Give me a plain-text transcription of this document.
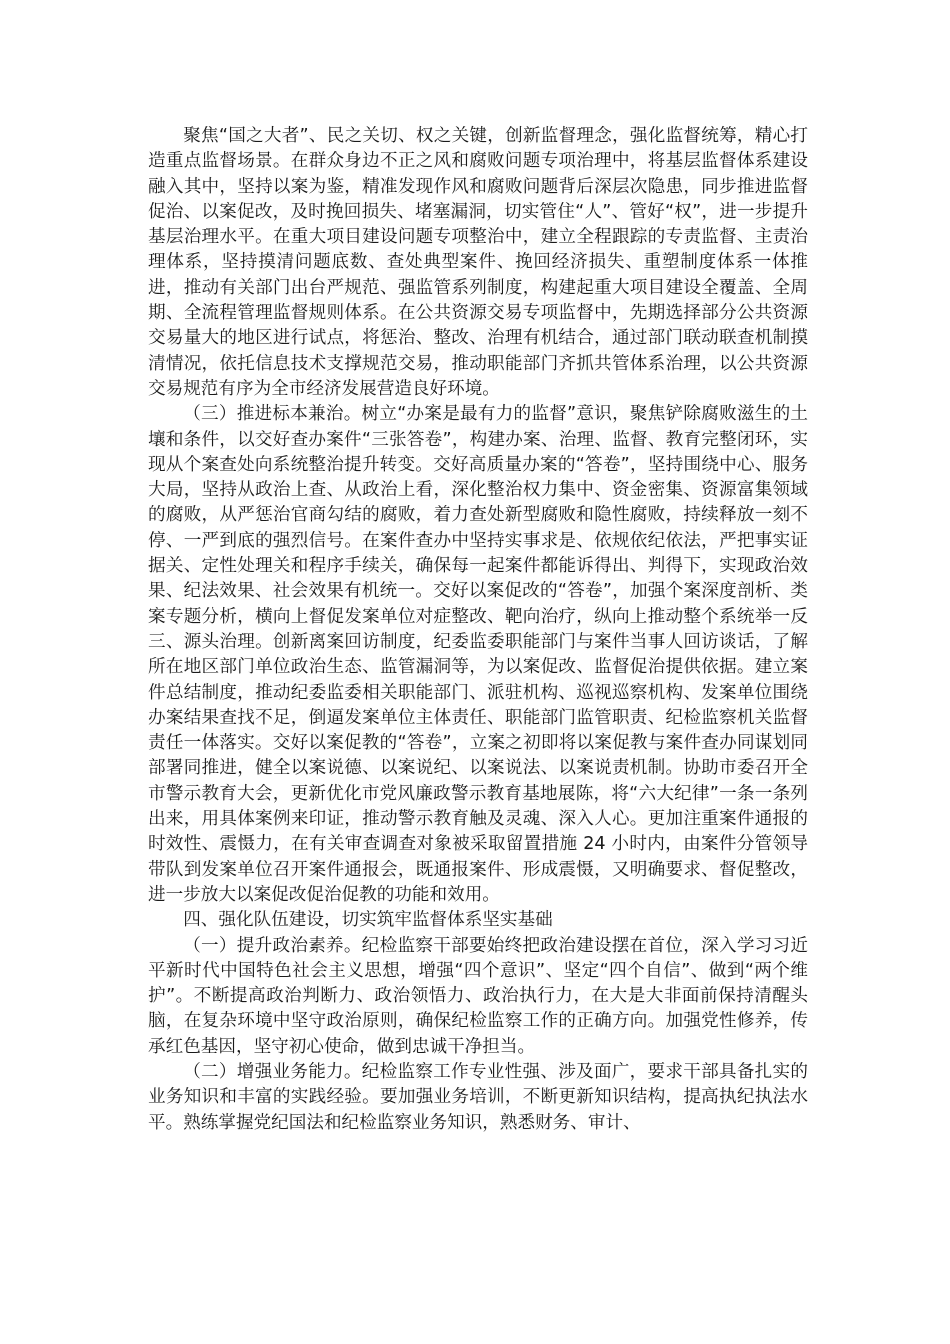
聚焦“国之大者”、民之关切、权之关键，创新监督理念，强化监督统筹，精心打造重点监督场景。在群众身边不正之风和腐败问题专项治理中，将基层监督体系建设融入其中，坚持以案为鉴，精准发现作风和腐败问题背后深层次隐患，同步推进监督促治、以案促改，及时挽回损失、堵塞漏洞，切实管住“人”、管好“权”，进一步提升基层治理水平。在重大项目建设问题专项整治中，建立全程跟踪的专责监督、主责治理体系，坚持摸清问题底数、查处典型案件、挽回经济损失、重塑制度体系一体推进，推动有关部门出台严规范、强监管系列制度，构建起重大项目建设全覆盖、全周期、全流程管理监督规则体系。在公共资源交易专项监督中，先期选择部分公共资源交易量大的地区进行试点，将惩治、整改、治理有机结合，通过部门联动联查机制摸清情况，依托信息技术支撑规范交易，推动职能部门齐抓共管体系治理，以公共资源交易规范有序为全市经济发展营造良好环境。

（三）推进标本兼治。树立“办案是最有力的监督”意识，聚焦铲除腐败滋生的土壤和条件，以交好查办案件“三张答卷”，构建办案、治理、监督、教育完整闭环，实现从个案查处向系统整治提升转变。交好高质量办案的“答卷”，坚持围绕中心、服务大局，坚持从政治上查、从政治上看，深化整治权力集中、资金密集、资源富集领域的腐败，从严惩治官商勾结的腐败，着力查处新型腐败和隐性腐败，持续释放一刻不停、一严到底的强烈信号。在案件查办中坚持实事求是、依规依纪依法，严把事实证据关、定性处理关和程序手续关，确保每一起案件都能诉得出、判得下，实现政治效果、纪法效果、社会效果有机统一。交好以案促改的“答卷”，加强个案深度剖析、类案专题分析，横向上督促发案单位对症整改、靶向治疗，纵向上推动整个系统举一反三、源头治理。创新离案回访制度，纪委监委职能部门与案件当事人回访谈话，了解所在地区部门单位政治生态、监管漏洞等，为以案促改、监督促治提供依据。建立案件总结制度，推动纪委监委相关职能部门、派驻机构、巡视巡察机构、发案单位围绕办案结果查找不足，倒逼发案单位主体责任、职能部门监管职责、纪检监察机关监督责任一体落实。交好以案促教的“答卷”，立案之初即将以案促教与案件查办同谋划同部署同推进，健全以案说德、以案说纪、以案说法、以案说责机制。协助市委召开全市警示教育大会，更新优化市党风廉政警示教育基地展陈，将“六大纪律”一条一条列出来，用具体案例来印证，推动警示教育触及灵魂、深入人心。更加注重案件通报的时效性、震慑力，在有关审查调查对象被采取留置措施 24 小时内，由案件分管领导带队到发案单位召开案件通报会，既通报案件、形成震慑，又明确要求、督促整改，进一步放大以案促改促治促教的功能和效用。

四、强化队伍建设，切实筑牢监督体系坚实基础

（一）提升政治素养。纪检监察干部要始终把政治建设摆在首位，深入学习习近平新时代中国特色社会主义思想，增强“四个意识”、坚定“四个自信”、做到“两个维护”。不断提高政治判断力、政治领悟力、政治执行力，在大是大非面前保持清醒头脑，在复杂环境中坚守政治原则，确保纪检监察工作的正确方向。加强党性修养，传承红色基因，坚守初心使命，做到忠诚干净担当。

（二）增强业务能力。纪检监察工作专业性强、涉及面广，要求干部具备扎实的业务知识和丰富的实践经验。要加强业务培训，不断更新知识结构，提高执纪执法水平。熟练掌握党纪国法和纪检监察业务知识，熟悉财务、审计、
